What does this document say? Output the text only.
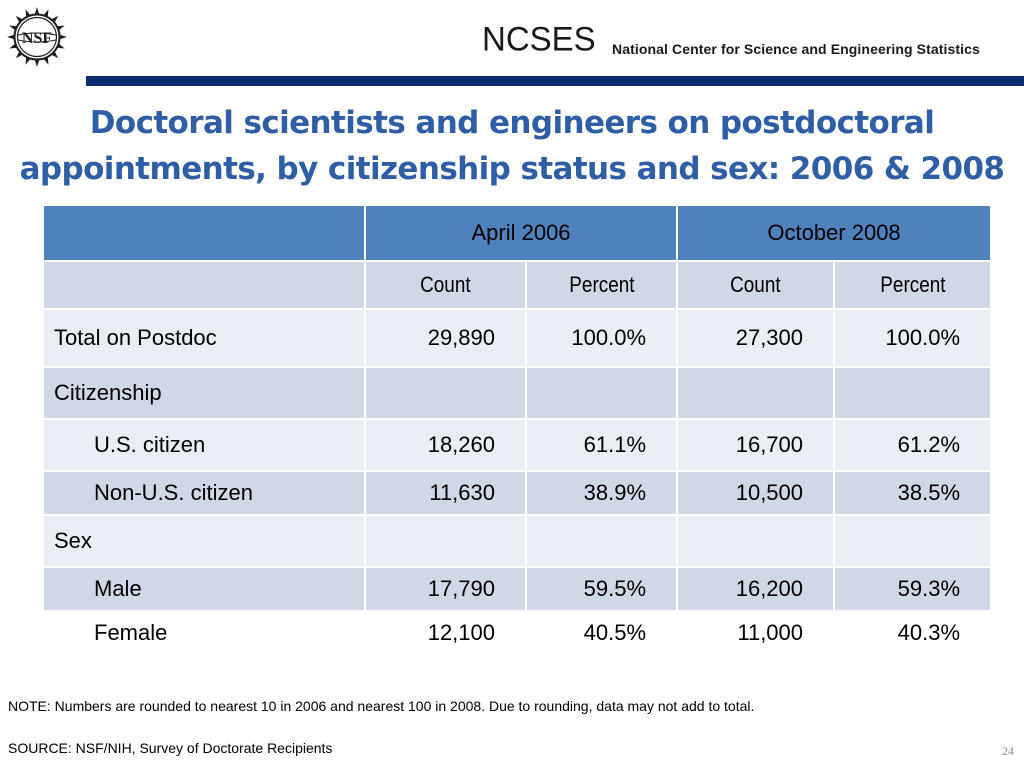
NSF	NCSES National Center for Science and Engineering Statistics
Doctoral scientists and engineers on postdoctoral
appointments, by citizenship status and sex: 2006 & 2008
	April 2006		October 2008	
	Count	Percent	Count	Percent
Total on Postdoc	29,890	100.0%	27,300	100.0%
Citizenship				
U.S. citizen	18,260	61.1%	16,700	61.2%
Non-U.S. citizen	11,630	38.9%	10,500	38.5%
Sex				
Male	17,790	59.5%	16,200	59.3%
Female	12,100	40.5%	11,000	40.3%
NOTE: Numbers are rounded to nearest 10 in 2006 and nearest 100 in 2008. Due to rounding, data may not add to total.
SOURCE: NSF/NIH, Survey of Doctorate Recipients	24
